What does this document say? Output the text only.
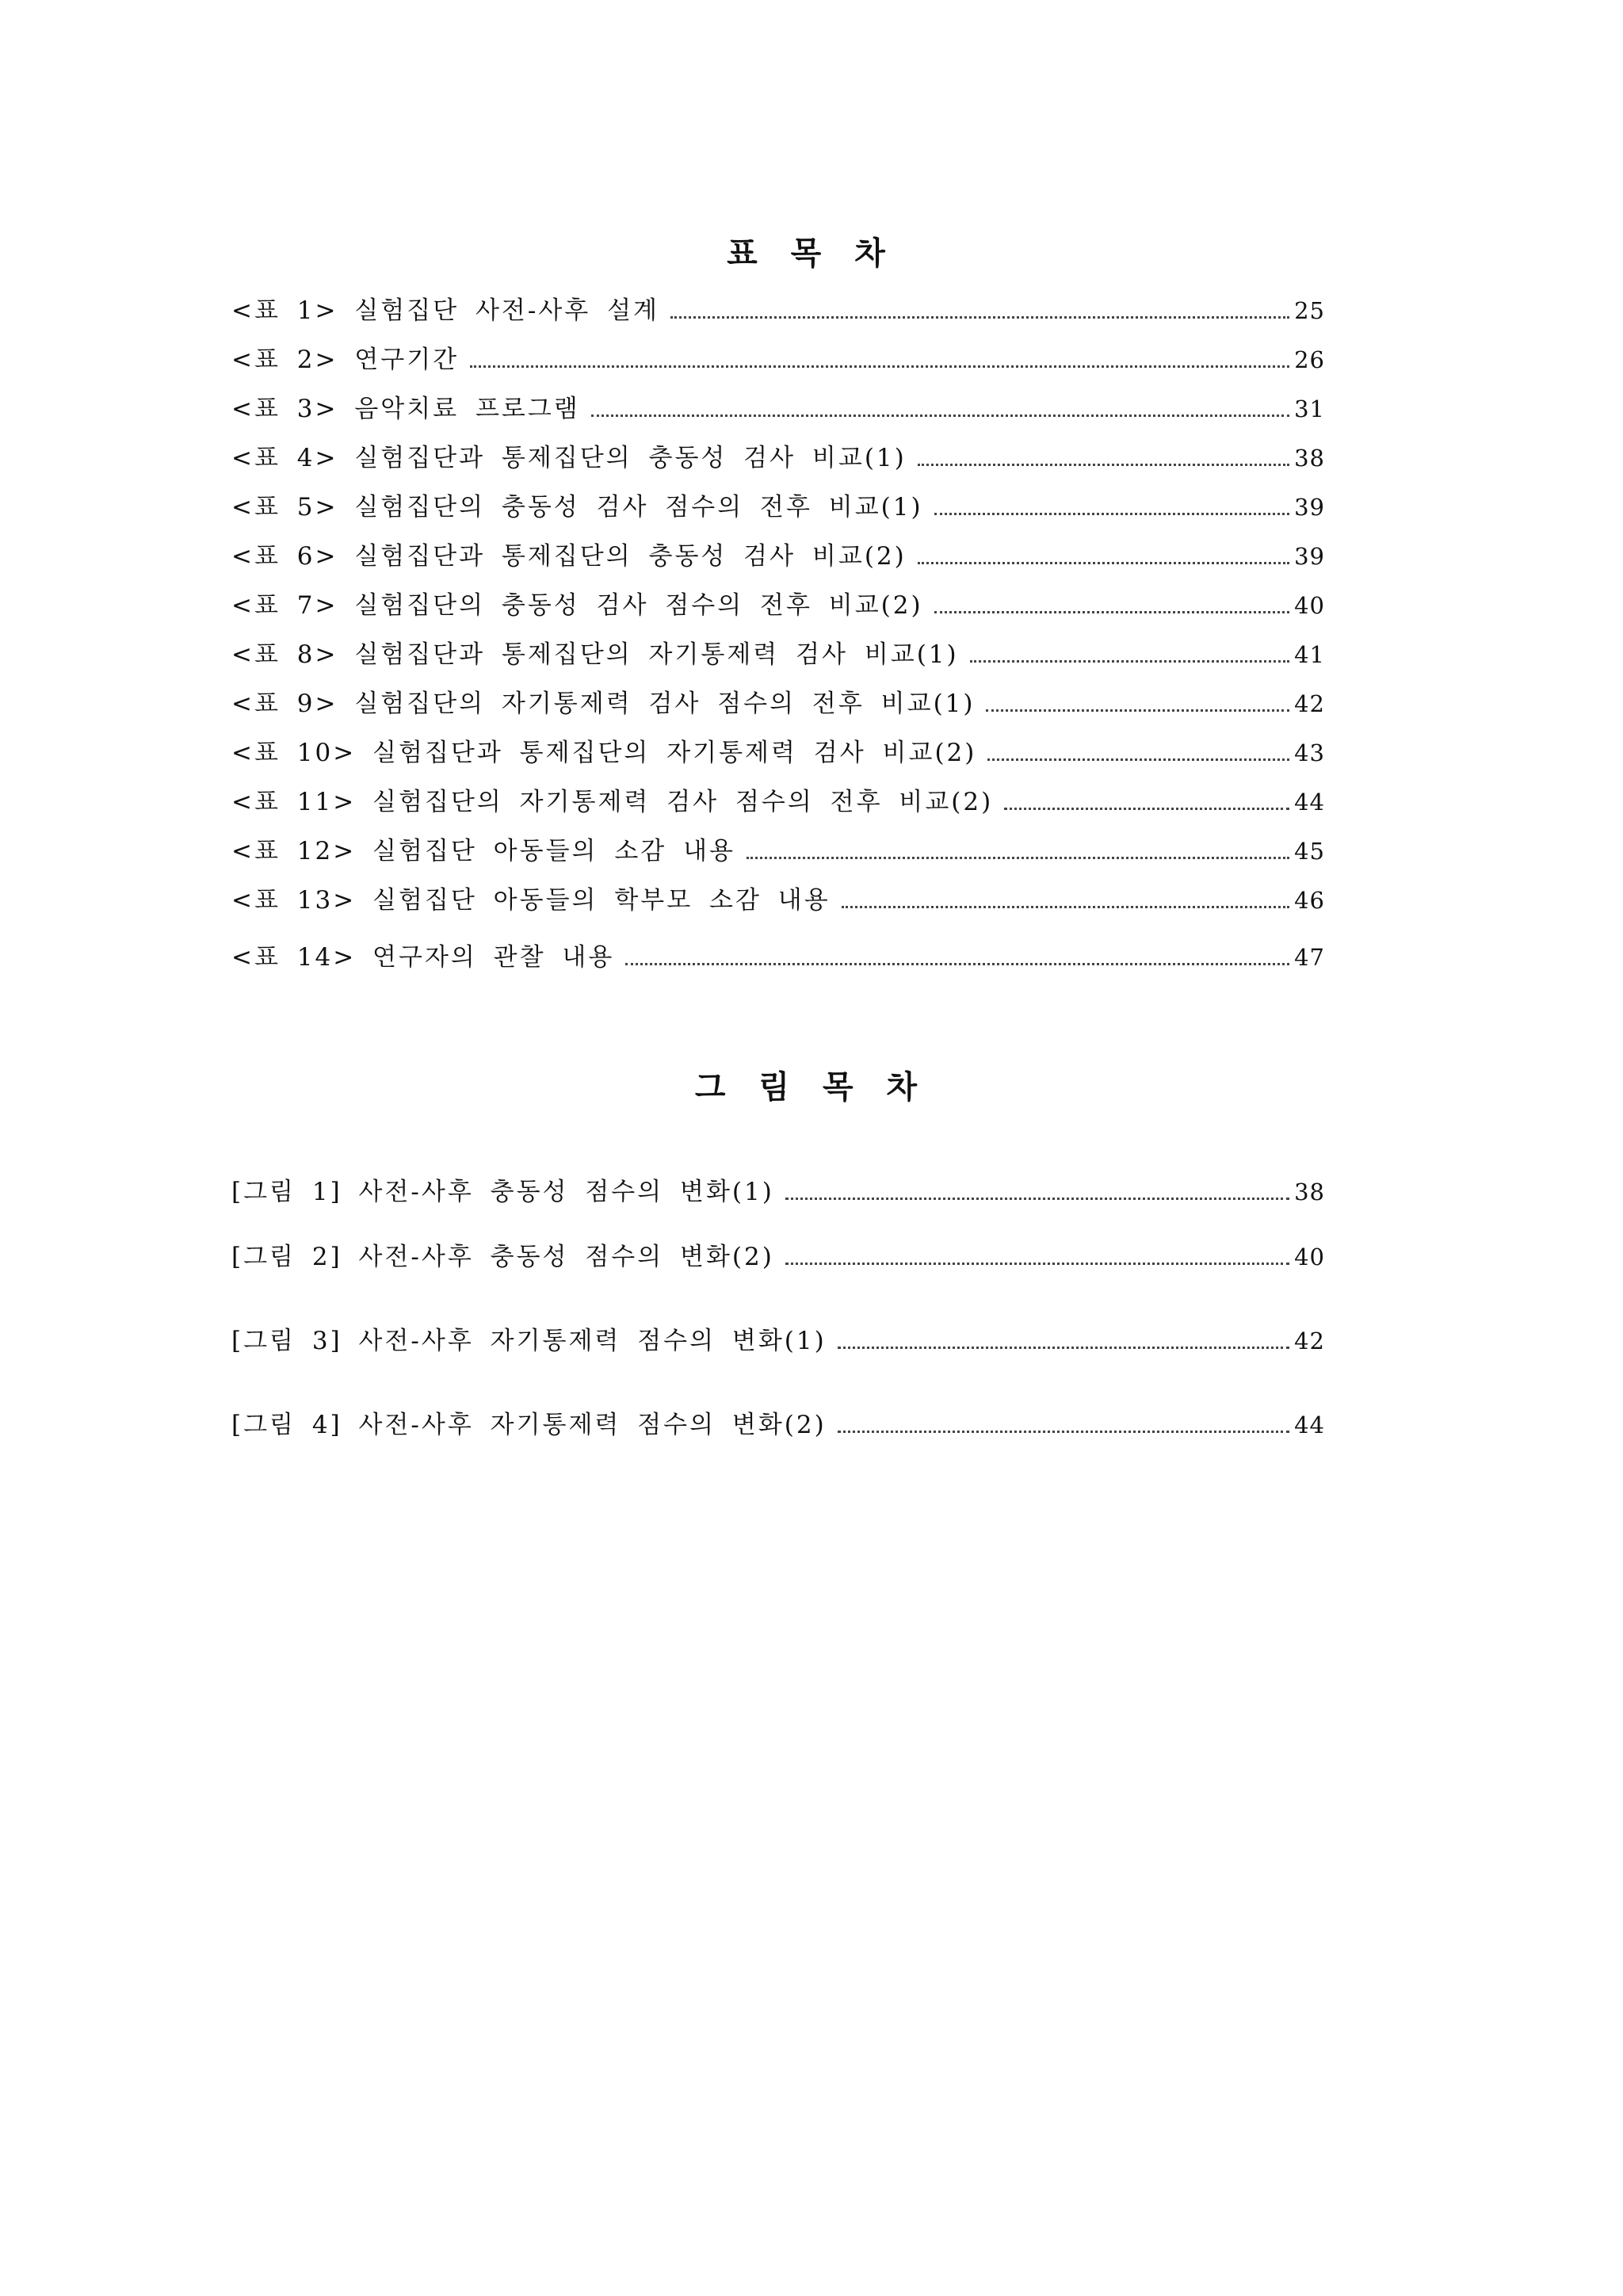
표 목 차
<표 1> 실험집단 사전-사후 설계	25
<표 2> 연구기간	26
<표 3> 음악치료 프로그램	31
<표 4> 실험집단과 통제집단의 충동성 검사 비교(1)	38
<표 5> 실험집단의 충동성 검사 점수의 전후 비교(1)	39
<표 6> 실험집단과 통제집단의 충동성 검사 비교(2)	39
<표 7> 실험집단의 충동성 검사 점수의 전후 비교(2)	40
<표 8> 실험집단과 통제집단의 자기통제력 검사 비교(1)	41
<표 9> 실험집단의 자기통제력 검사 점수의 전후 비교(1)	42
<표 10> 실험집단과 통제집단의 자기통제력 검사 비교(2)	43
<표 11> 실험집단의 자기통제력 검사 점수의 전후 비교(2)	44
<표 12> 실험집단 아동들의 소감 내용	45
<표 13> 실험집단 아동들의 학부모 소감 내용	46
<표 14> 연구자의 관찰 내용	47
그 림 목 차
[그림 1] 사전-사후 충동성 점수의 변화(1)	38
[그림 2] 사전-사후 충동성 점수의 변화(2)	40
[그림 3] 사전-사후 자기통제력 점수의 변화(1)	42
[그림 4] 사전-사후 자기통제력 점수의 변화(2)	44
